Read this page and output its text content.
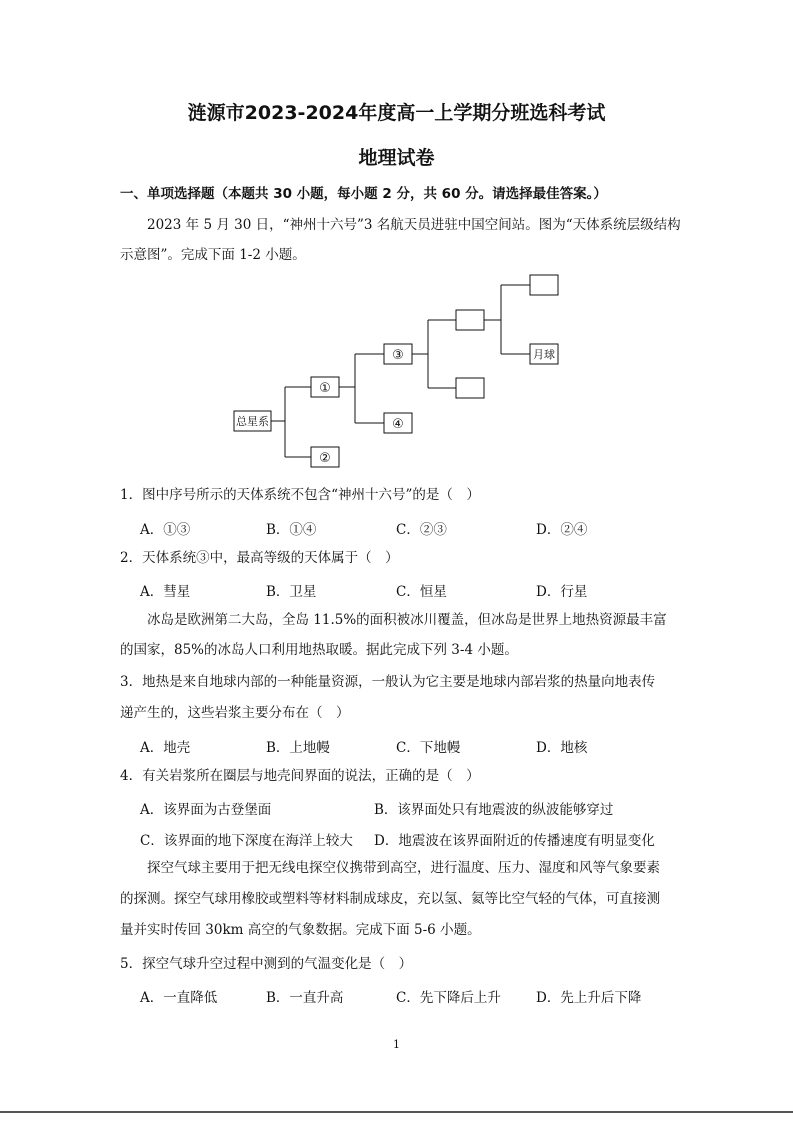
涟源市2023-2024年度高一上学期分班选科考试
地理试卷
一、单项选择题（本题共 30 小题，每小题 2 分，共 60 分。请选择最佳答案。）
2023 年 5 月 30 日，“神州十六号”3 名航天员进驻中国空间站。图为“天体系统层级结构
示意图”。完成下面 1-2 小题。
总星系
①
②
③
④
月球
1．图中序号所示的天体系统不包含“神州十六号”的是（　）
A．①③	B．①④	C．②③	D．②④
2．天体系统③中，最高等级的天体属于（　）
A．彗星	B．卫星	C．恒星	D．行星
冰岛是欧洲第二大岛，全岛 11.5%的面积被冰川覆盖，但冰岛是世界上地热资源最丰富
的国家，85%的冰岛人口利用地热取暖。据此完成下列 3-4 小题。
3．地热是来自地球内部的一种能量资源，一般认为它主要是地球内部岩浆的热量向地表传
递产生的，这些岩浆主要分布在（　）
A．地壳	B．上地幔	C．下地幔	D．地核
4．有关岩浆所在圈层与地壳间界面的说法，正确的是（　）
A．该界面为古登堡面	B．该界面处只有地震波的纵波能够穿过
C．该界面的地下深度在海洋上较大 D．地震波在该界面附近的传播速度有明显变化
探空气球主要用于把无线电探空仪携带到高空，进行温度、压力、湿度和风等气象要素
的探测。探空气球用橡胶或塑料等材料制成球皮，充以氢、氦等比空气轻的气体，可直接测
量并实时传回 30km 高空的气象数据。完成下面 5-6 小题。
5．探空气球升空过程中测到的气温变化是（　）
A．一直降低	B．一直升高	C．先下降后上升	D．先上升后下降
1
